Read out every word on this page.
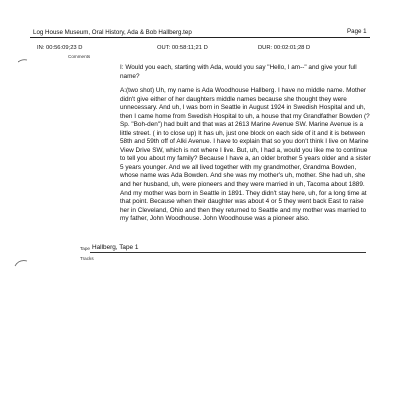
Log House Museum, Oral History, Ada & Bob Hallberg.tep	Page 1
IN: 00:56:09;23 D	OUT: 00:58:11;21 D	DUR: 00:02:01;28 D
Comments
I: Would you each, starting with Ada, would you say "Hello, I am--" and give your full name?
A:(two shot) Uh, my name is Ada Woodhouse Hallberg. I have no middle name. Mother didn't give either of her daughters middle names because she thought they were unnecessary. And uh, I was born in Seattle in August 1924 in Swedish Hospital and uh, then I came home from Swedish Hospital to uh, a house that my Grandfather Bowden (? Sp. "Boh-den") had built and that was at 2613 Marine Avenue SW. Marine Avenue is a little street. ( in to close up) It has uh, just one block on each side of it and it is between 58th and 59th off of Alki Avenue. I have to explain that so you don't think I live on Marine View Drive SW, which is not where I live. But, uh, I had a, would you like me to continue to tell you about my family? Because I have a, an older brother 5 years older and a sister 5 years younger. And we all lived together with my grandmother, Grandma Bowden, whose name was Ada Bowden. And she was my mother's uh, mother. She had uh, she and her husband, uh, were pioneers and they were married in uh, Tacoma about 1889. And my mother was born in Seattle in 1891. They didn't stay here, uh, for a long time at that point. Because when their daughter was about 4 or 5 they went back East to raise her in Cleveland, Ohio and then they returned to Seattle and my mother was married to my father, John Woodhouse. John Woodhouse was a pioneer also.
Tape Hallberg, Tape 1
Tracks
